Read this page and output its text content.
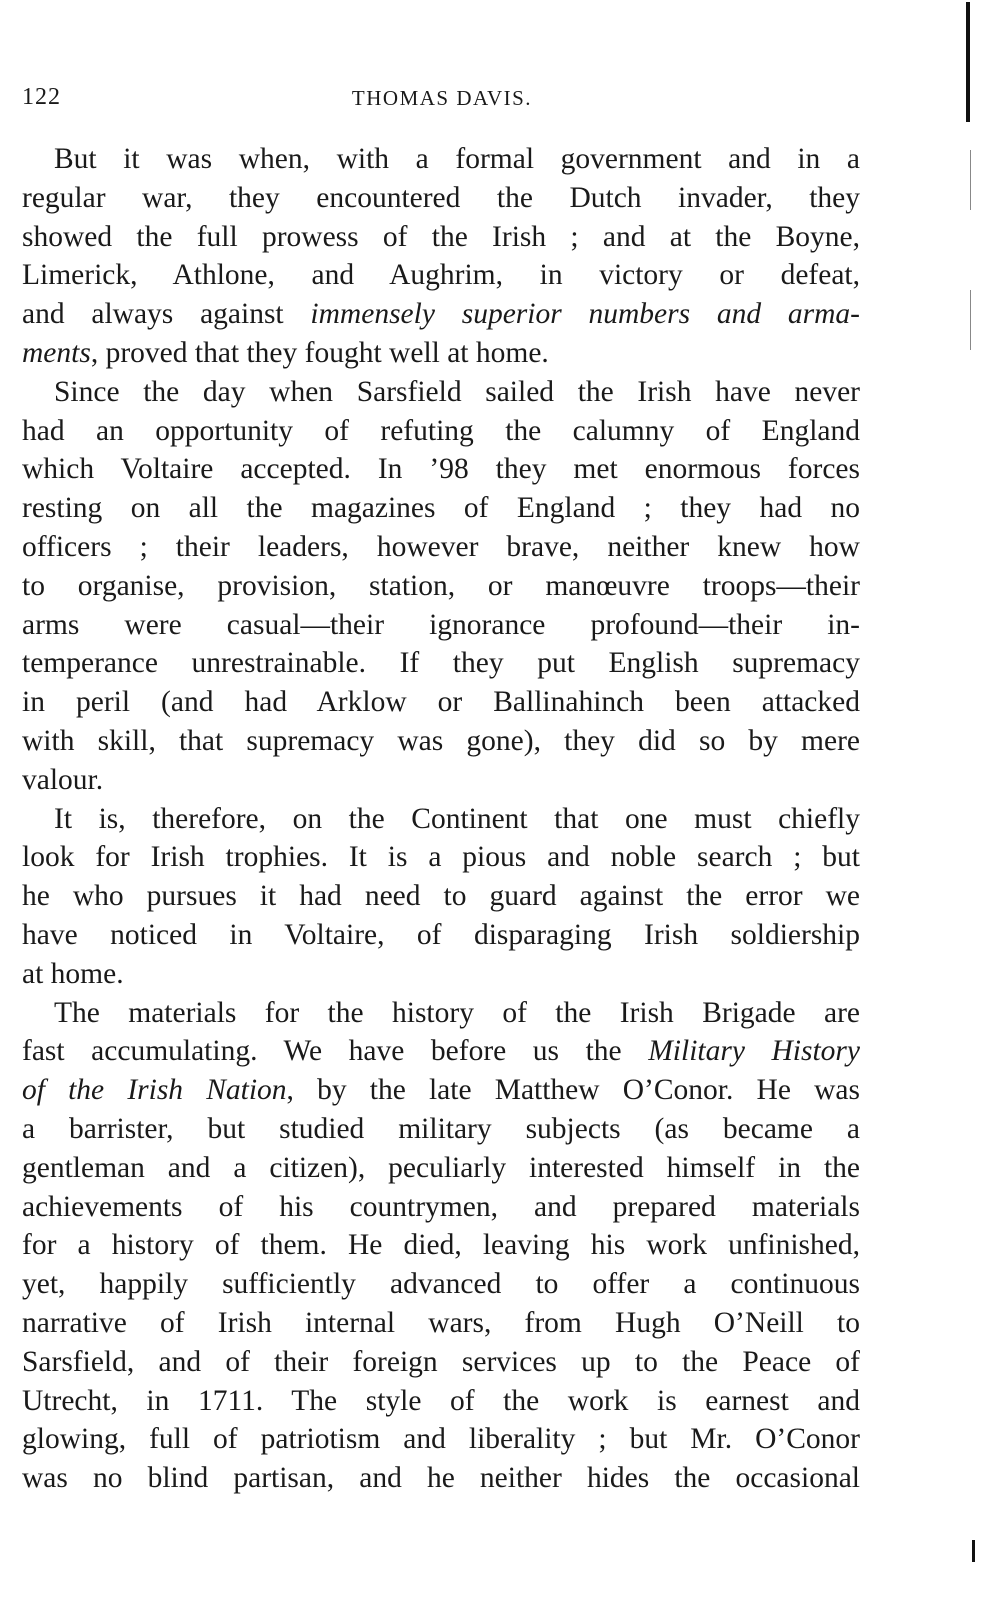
122	THOMAS DAVIS.
But it was when, with a formal government and in a
regular war, they encountered the Dutch invader, they
showed the full prowess of the Irish ; and at the Boyne,
Limerick, Athlone, and Aughrim, in victory or defeat,
and always against immensely superior numbers and arma-
ments, proved that they fought well at home.
Since the day when Sarsfield sailed the Irish have never
had an opportunity of refuting the calumny of England
which Voltaire accepted. In ’98 they met enormous forces
resting on all the magazines of England ; they had no
officers ; their leaders, however brave, neither knew how
to organise, provision, station, or manœuvre troops—their
arms were casual—their ignorance profound—their in-
temperance unrestrainable. If they put English supremacy
in peril (and had Arklow or Ballinahinch been attacked
with skill, that supremacy was gone), they did so by mere
valour.
It is, therefore, on the Continent that one must chiefly
look for Irish trophies. It is a pious and noble search ; but
he who pursues it had need to guard against the error we
have noticed in Voltaire, of disparaging Irish soldiership
at home.
The materials for the history of the Irish Brigade are
fast accumulating. We have before us the Military History
of the Irish Nation, by the late Matthew O’Conor. He was
a barrister, but studied military subjects (as became a
gentleman and a citizen), peculiarly interested himself in the
achievements of his countrymen, and prepared materials
for a history of them. He died, leaving his work unfinished,
yet, happily sufficiently advanced to offer a continuous
narrative of Irish internal wars, from Hugh O’Neill to
Sarsfield, and of their foreign services up to the Peace of
Utrecht, in 1711. The style of the work is earnest and
glowing, full of patriotism and liberality ; but Mr. O’Conor
was no blind partisan, and he neither hides the occasional
